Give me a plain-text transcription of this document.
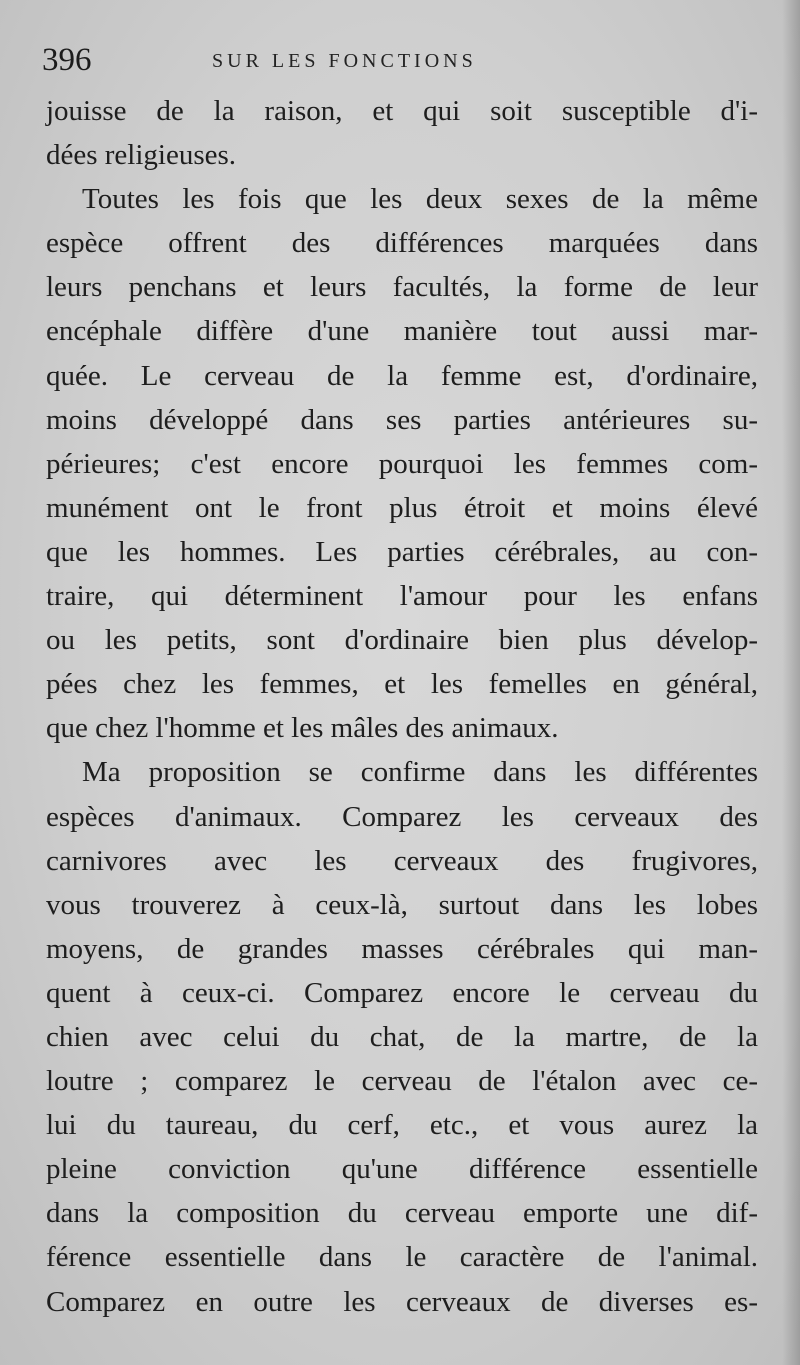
396	SUR LES FONCTIONS
jouisse de la raison, et qui soit susceptible d'i-
dées religieuses.
Toutes les fois que les deux sexes de la même
espèce offrent des différences marquées dans
leurs penchans et leurs facultés, la forme de leur
encéphale diffère d'une manière tout aussi mar-
quée. Le cerveau de la femme est, d'ordinaire,
moins développé dans ses parties antérieures su-
périeures; c'est encore pourquoi les femmes com-
munément ont le front plus étroit et moins élevé
que les hommes. Les parties cérébrales, au con-
traire, qui déterminent l'amour pour les enfans
ou les petits, sont d'ordinaire bien plus dévelop-
pées chez les femmes, et les femelles en général,
que chez l'homme et les mâles des animaux.
Ma proposition se confirme dans les différentes
espèces d'animaux. Comparez les cerveaux des
carnivores avec les cerveaux des frugivores,
vous trouverez à ceux-là, surtout dans les lobes
moyens, de grandes masses cérébrales qui man-
quent à ceux-ci. Comparez encore le cerveau du
chien avec celui du chat, de la martre, de la
loutre ; comparez le cerveau de l'étalon avec ce-
lui du taureau, du cerf, etc., et vous aurez la
pleine conviction qu'une différence essentielle
dans la composition du cerveau emporte une dif-
férence essentielle dans le caractère de l'animal.
Comparez en outre les cerveaux de diverses es-
